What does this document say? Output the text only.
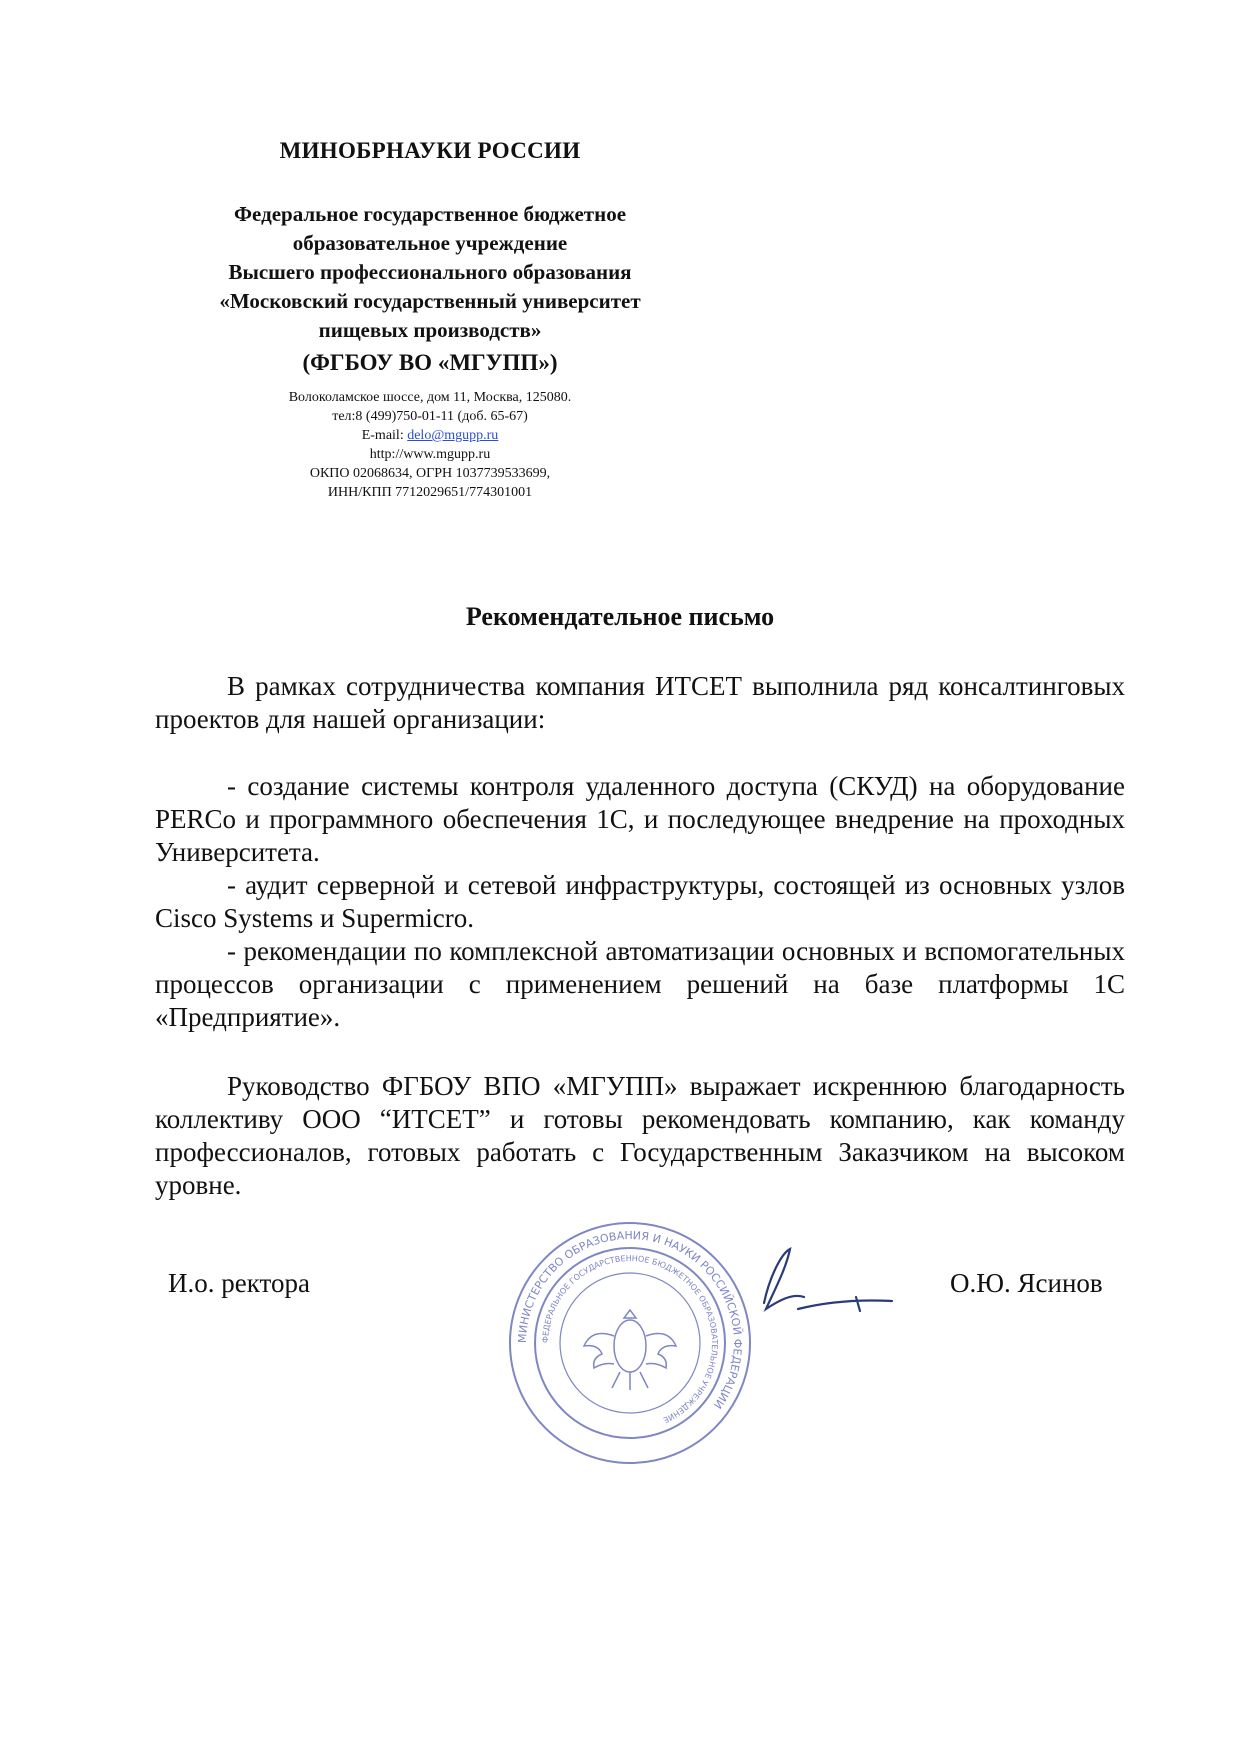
МИНОБРНАУКИ РОССИИ
Федеральное государственное бюджетное
образовательное учреждение
Высшего профессионального образования
«Московский государственный университет
пищевых производств»
(ФГБОУ ВО «МГУПП»)
Волоколамское шоссе, дом 11, Москва, 125080.
тел:8 (499)750-01-11 (доб. 65-67)
E-mail: delo@mgupp.ru
http://www.mgupp.ru
ОКПО 02068634, ОГРН 1037739533699,
ИНН/КПП 7712029651/774301001
Рекомендательное письмо

В рамках сотрудничества компания ИТСЕТ выполнила ряд консалтинговых проектов для нашей организации:

- создание системы контроля удаленного доступа (СКУД) на оборудование PERCo и программного обеспечения 1С, и последующее внедрение на проходных Университета.

- аудит серверной и сетевой инфраструктуры, состоящей из основных узлов Cisco Systems и Supermicro.

- рекомендации по комплексной автоматизации основных и вспомогательных процессов организации с применением решений на базе платформы 1С «Предприятие».

Руководство ФГБОУ ВПО «МГУПП» выражает искреннюю благодарность коллективу ООО “ИТСЕТ” и готовы рекомендовать компанию, как команду профессионалов, готовых работать с Государственным Заказчиком на высоком уровне.

И.о. ректора	О.Ю. Ясинов
МИНИСТЕРСТВО ОБРАЗОВАНИЯ И НАУКИ РОССИЙСКОЙ ФЕДЕРАЦИИ
ФЕДЕРАЛЬНОЕ ГОСУДАРСТВЕННОЕ БЮДЖЕТНОЕ ОБРАЗОВАТЕЛЬНОЕ УЧРЕЖДЕНИЕ
